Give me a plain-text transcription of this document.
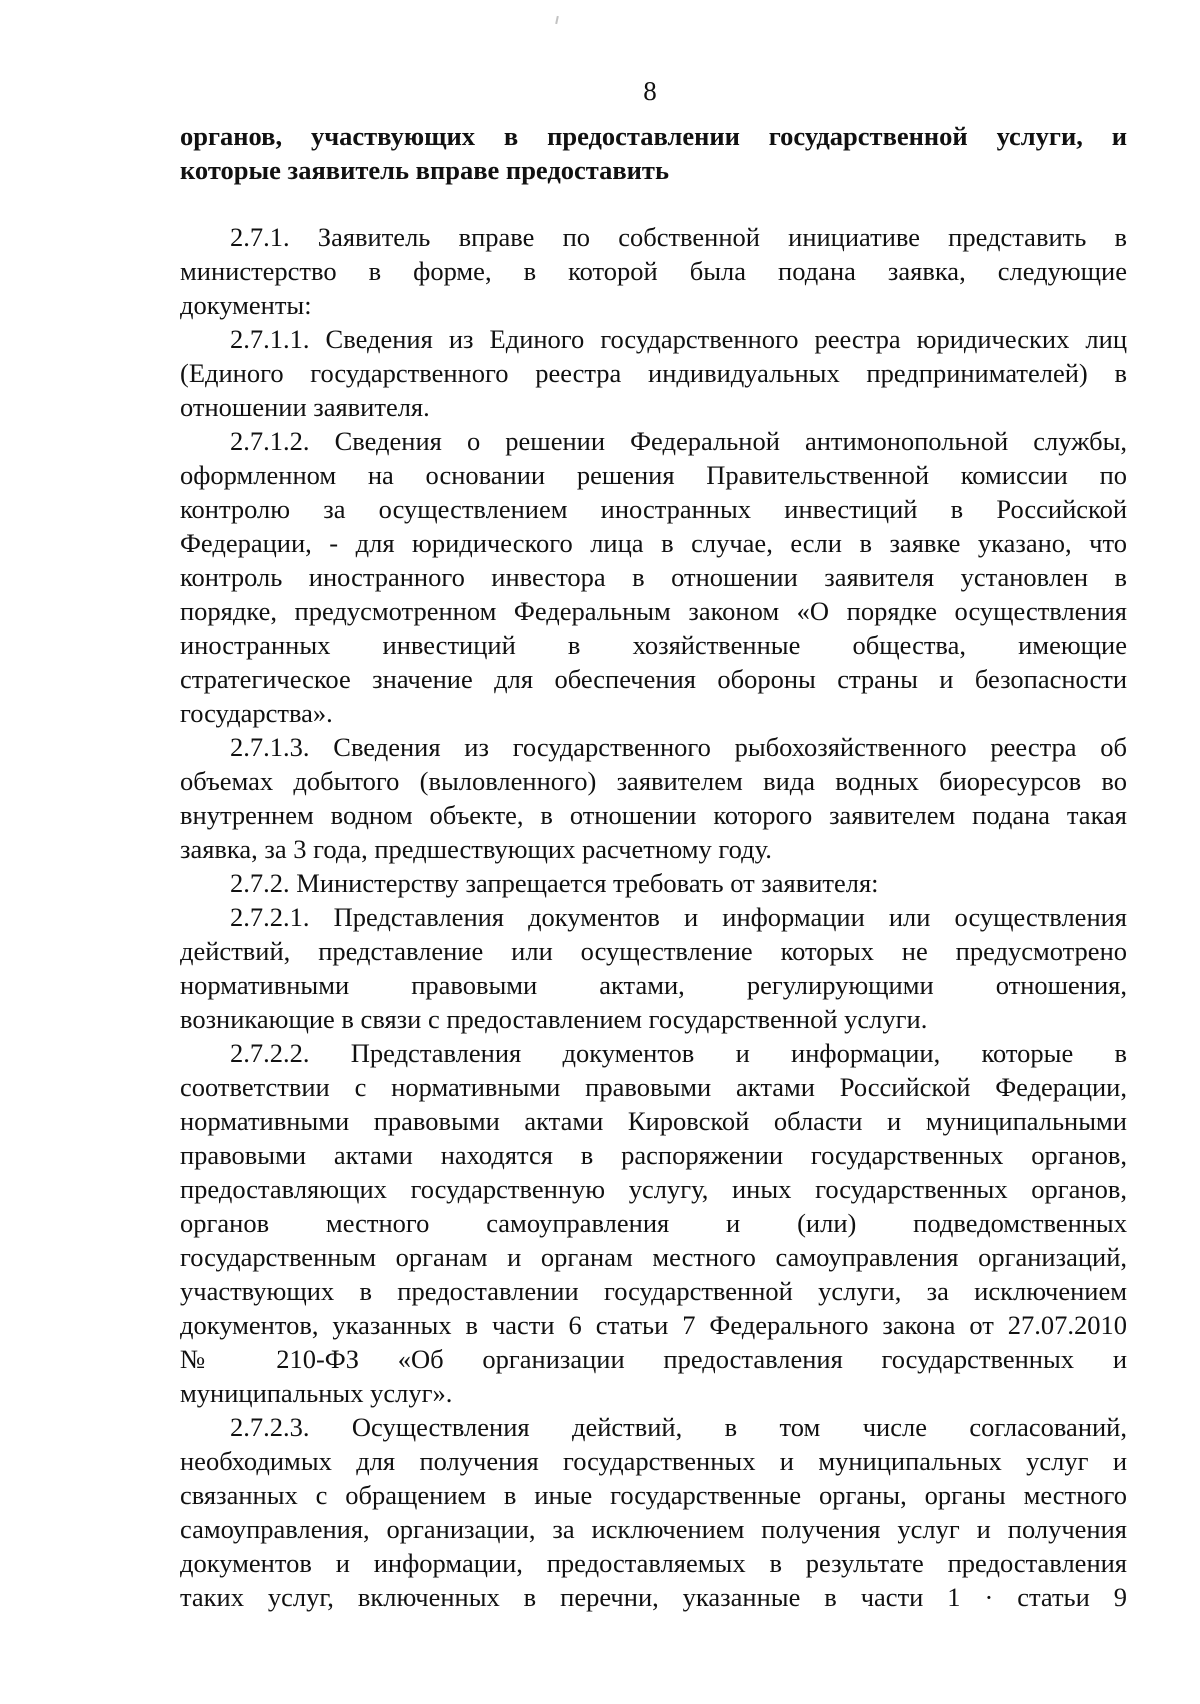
8
органов, участвующих в предоставлении государственной услуги, и
которые заявитель вправе предоставить
2.7.1. Заявитель вправе по собственной инициативе представить в
министерство в форме, в которой была подана заявка, следующие
документы:
2.7.1.1. Сведения из Единого государственного реестра юридических лиц
(Единого государственного реестра индивидуальных предпринимателей) в
отношении заявителя.
2.7.1.2. Сведения о решении Федеральной антимонопольной службы,
оформленном на основании решения Правительственной комиссии по
контролю за осуществлением иностранных инвестиций в Российской
Федерации, - для юридического лица в случае, если в заявке указано, что
контроль иностранного инвестора в отношении заявителя установлен в
порядке, предусмотренном Федеральным законом «О порядке осуществления
иностранных инвестиций в хозяйственные общества, имеющие
стратегическое значение для обеспечения обороны страны и безопасности
государства».
2.7.1.3. Сведения из государственного рыбохозяйственного реестра об
объемах добытого (выловленного) заявителем вида водных биоресурсов во
внутреннем водном объекте, в отношении которого заявителем подана такая
заявка, за 3 года, предшествующих расчетному году.
2.7.2. Министерству запрещается требовать от заявителя:
2.7.2.1. Представления документов и информации или осуществления
действий, представление или осуществление которых не предусмотрено
нормативными правовыми актами, регулирующими отношения,
возникающие в связи с предоставлением государственной услуги.
2.7.2.2. Представления документов и информации, которые в
соответствии с нормативными правовыми актами Российской Федерации,
нормативными правовыми актами Кировской области и муниципальными
правовыми актами находятся в распоряжении государственных органов,
предоставляющих государственную услугу, иных государственных органов,
органов местного самоуправления и (или) подведомственных
государственным органам и органам местного самоуправления организаций,
участвующих в предоставлении государственной услуги, за исключением
документов, указанных в части 6 статьи 7 Федерального закона от 27.07.2010
№ 210-ФЗ «Об организации предоставления государственных и
муниципальных услуг».
2.7.2.3. Осуществления действий, в том числе согласований,
необходимых для получения государственных и муниципальных услуг и
связанных с обращением в иные государственные органы, органы местного
самоуправления, организации, за исключением получения услуг и получения
документов и информации, предоставляемых в результате предоставления
таких услуг, включенных в перечни, указанные в части 1 · статьи 9
